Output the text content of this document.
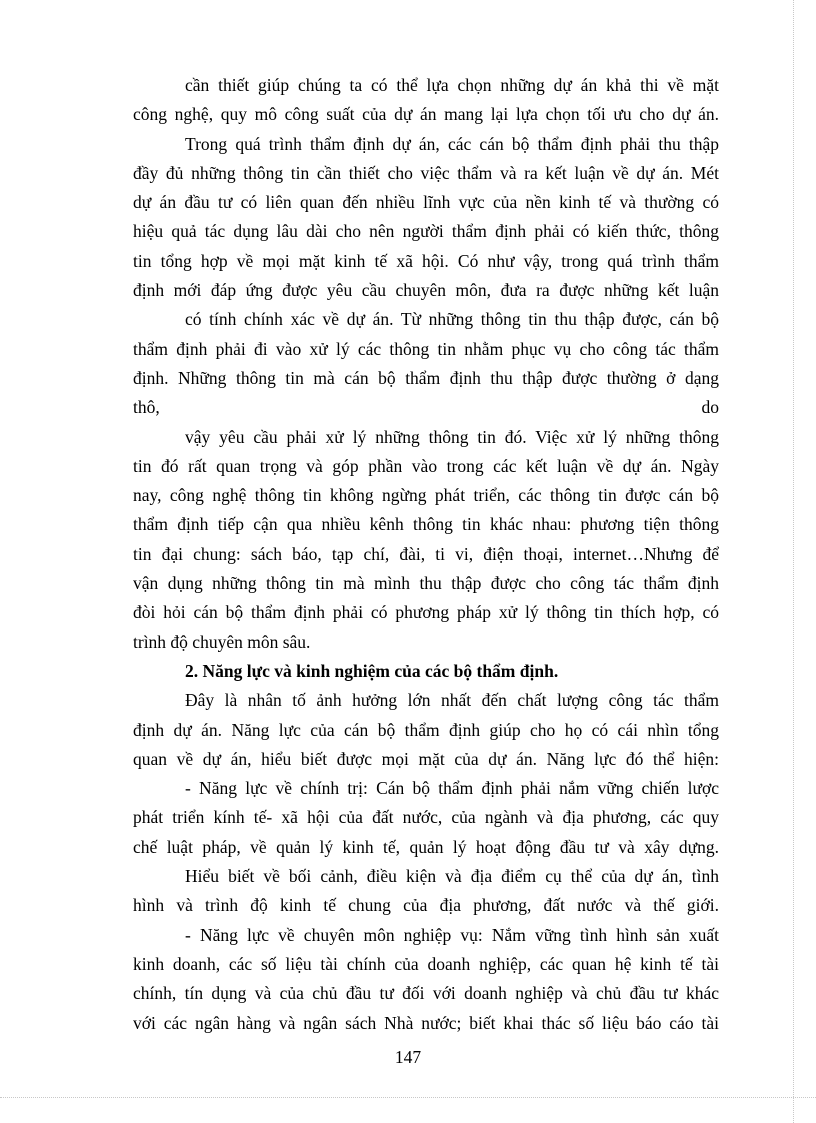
cần thiết giúp chúng ta có thể lựa chọn những dự án khả thi về mặt

công nghệ, quy mô công suất của dự án mang lại lựa chọn tối ưu cho dự án.

Trong quá trình thẩm định dự án, các cán bộ thẩm định phải thu thập

đầy đủ những thông tin cần thiết cho việc thẩm và ra kết luận về dự án. Mét

dự án đầu tư có liên quan đến nhiều lĩnh vực của nền kinh tế và thường có

hiệu quả tác dụng lâu dài cho nên người thẩm định phải có kiến thức, thông

tin tổng hợp về mọi mặt kinh tế xã hội. Có như vậy, trong quá trình thẩm

định mới đáp ứng được yêu cầu chuyên môn, đưa ra được những kết luận

có tính chính xác về dự án. Từ những thông tin thu thập được, cán bộ

thẩm định phải đi vào xử lý các thông tin nhằm phục vụ cho công tác thẩm

định. Những thông tin mà cán bộ thẩm định thu thập được thường ở dạng

thô, do

vậy yêu cầu phải xử lý những thông tin đó. Việc xử lý những thông

tin đó rất quan trọng và góp phần vào trong các kết luận về dự án. Ngày

nay, công nghệ thông tin không ngừng phát triển, các thông tin được cán bộ

thẩm định tiếp cận qua nhiều kênh thông tin khác nhau: phương tiện thông

tin đại chung: sách báo, tạp chí, đài, ti vi, điện thoại, internet…Nhưng để

vận dụng những thông tin mà mình thu thập được cho công tác thẩm định

đòi hỏi cán bộ thẩm định phải có phương pháp xử lý thông tin thích hợp, có

trình độ chuyên môn sâu.

2. Năng lực và kinh nghiệm của các bộ thẩm định.

Đây là nhân tố ảnh hưởng lớn nhất đến chất lượng công tác thẩm

định dự án. Năng lực của cán bộ thẩm định giúp cho họ có cái nhìn tổng

quan về dự án, hiểu biết được mọi mặt của dự án. Năng lực đó thể hiện:

- Năng lực về chính trị: Cán bộ thẩm định phải nắm vững chiến lược

phát triển kính tế- xã hội của đất nước, của ngành và địa phương, các quy

chế luật pháp, về quản lý kinh tế, quản lý hoạt động đầu tư và xây dựng.

Hiểu biết về bối cảnh, điều kiện và địa điểm cụ thể của dự án, tình

hình và trình độ kinh tế chung của địa phương, đất nước và thế giới.

- Năng lực về chuyên môn nghiệp vụ: Nắm vững tình hình sản xuất

kinh doanh, các số liệu tài chính của doanh nghiệp, các quan hệ kinh tế tài

chính, tín dụng và của chủ đầu tư đối với doanh nghiệp và chủ đầu tư khác

với các ngân hàng và ngân sách Nhà nước; biết khai thác số liệu báo cáo tài

147
